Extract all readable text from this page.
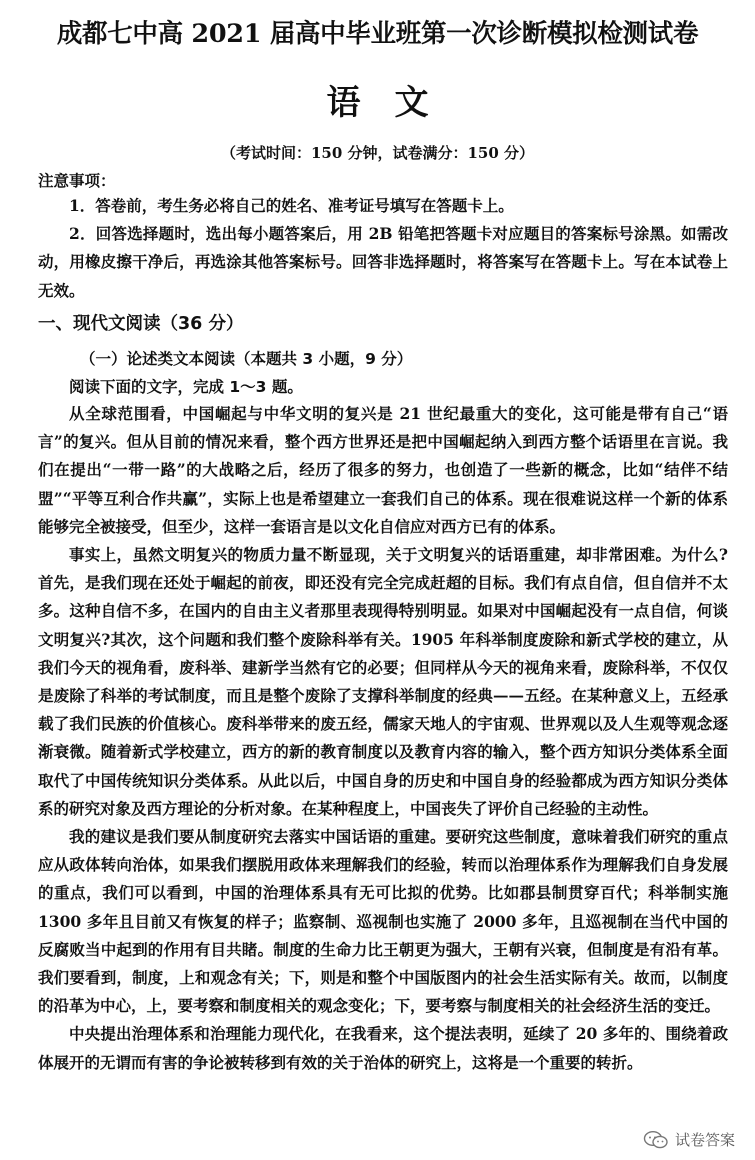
成都七中高 2021 届高中毕业班第一次诊断模拟检测试卷
语文
（考试时间：150 分钟，试卷满分：150 分）
注意事项：

1．答卷前，考生务必将自己的姓名、准考证号填写在答题卡上。

2．回答选择题时，选出每小题答案后，用 2B 铅笔把答题卡对应题目的答案标号涂黑。如需改动，用橡皮擦干净后，再选涂其他答案标号。回答非选择题时，将答案写在答题卡上。写在本试卷上无效。

一、现代文阅读（36 分）
（一）论述类文本阅读（本题共 3 小题，9 分）
阅读下面的文字，完成 1～3 题。

从全球范围看，中国崛起与中华文明的复兴是 21 世纪最重大的变化，这可能是带有自己“语言”的复兴。但从目前的情况来看，整个西方世界还是把中国崛起纳入到西方整个话语里在言说。我们在提出“一带一路”的大战略之后，经历了很多的努力，也创造了一些新的概念，比如“结伴不结盟”“平等互利合作共赢”，实际上也是希望建立一套我们自己的体系。现在很难说这样一个新的体系能够完全被接受，但至少，这样一套语言是以文化自信应对西方已有的体系。

事实上，虽然文明复兴的物质力量不断显现，关于文明复兴的话语重建，却非常困难。为什么?首先，是我们现在还处于崛起的前夜，即还没有完全完成赶超的目标。我们有点自信，但自信并不太多。这种自信不多，在国内的自由主义者那里表现得特别明显。如果对中国崛起没有一点自信，何谈文明复兴?其次，这个问题和我们整个废除科举有关。1905 年科举制度废除和新式学校的建立，从我们今天的视角看，废科举、建新学当然有它的必要；但同样从今天的视角来看，废除科举，不仅仅是废除了科举的考试制度，而且是整个废除了支撑科举制度的经典——五经。在某种意义上，五经承载了我们民族的价值核心。废科举带来的废五经，儒家天地人的宇宙观、世界观以及人生观等观念逐渐衰微。随着新式学校建立，西方的新的教育制度以及教育内容的输入，整个西方知识分类体系全面取代了中国传统知识分类体系。从此以后，中国自身的历史和中国自身的经验都成为西方知识分类体系的研究对象及西方理论的分析对象。在某种程度上，中国丧失了评价自己经验的主动性。

我的建议是我们要从制度研究去落实中国话语的重建。要研究这些制度，意味着我们研究的重点应从政体转向治体，如果我们摆脱用政体来理解我们的经验，转而以治理体系作为理解我们自身发展的重点，我们可以看到，中国的治理体系具有无可比拟的优势。比如郡县制贯穿百代；科举制实施 1300 多年且目前又有恢复的样子；监察制、巡视制也实施了 2000 多年，且巡视制在当代中国的反腐败当中起到的作用有目共睹。制度的生命力比王朝更为强大，王朝有兴衰，但制度是有沿有革。我们要看到，制度，上和观念有关；下，则是和整个中国版图内的社会生活实际有关。故而，以制度的沿革为中心，上，要考察和制度相关的观念变化；下，要考察与制度相关的社会经济生活的变迁。

中央提出治理体系和治理能力现代化，在我看来，这个提法表明，延续了 20 多年的、围绕着政体展开的无谓而有害的争论被转移到有效的关于治体的研究上，这将是一个重要的转折。

试卷答案
